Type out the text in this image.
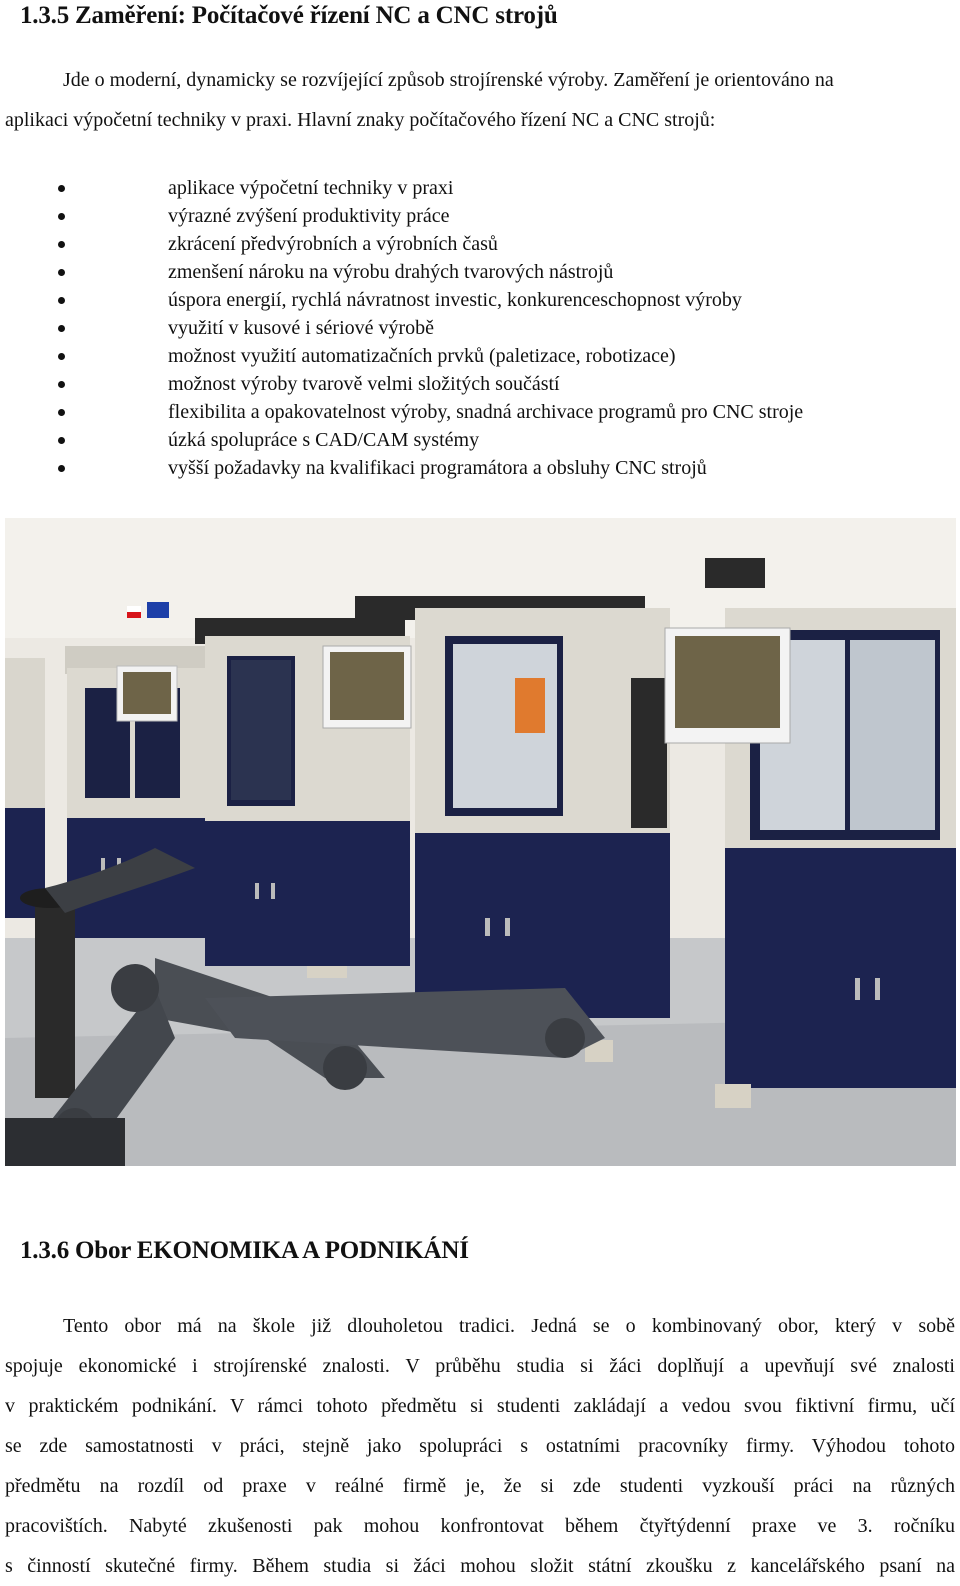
1.3.5 Zaměření: Počítačové řízení NC a CNC strojů

Jde o moderní, dynamicky se rozvíjející způsob strojírenské výroby. Zaměření je orientováno na

aplikaci výpočetní techniky v praxi. Hlavní znaky počítačového řízení NC a CNC strojů:

aplikace výpočetní techniky v praxi
výrazné zvýšení produktivity práce
zkrácení předvýrobních a výrobních časů
zmenšení nároku na výrobu drahých tvarových nástrojů
úspora energií, rychlá návratnost investic, konkurenceschopnost výroby
využití v kusové i sériové výrobě
možnost využití automatizačních prvků (paletizace, robotizace)
možnost výroby tvarově velmi složitých součástí
flexibilita a opakovatelnost výroby, snadná archivace programů pro CNC stroje
úzká spolupráce s CAD/CAM systémy
vyšší požadavky na kvalifikaci programátora a obsluhy CNC strojů
1.3.6 Obor EKONOMIKA A PODNIKÁNÍ
Tento obor má na škole již dlouholetou tradici. Jedná se o kombinovaný obor, který v sobě
spojuje ekonomické i strojírenské znalosti. V průběhu studia si žáci doplňují a upevňují své znalosti
v praktickém podnikání. V rámci tohoto předmětu si studenti zakládají a vedou svou fiktivní firmu, učí
se zde samostatnosti v práci, stejně jako spolupráci s ostatními pracovníky firmy. Výhodou tohoto
předmětu na rozdíl od praxe v reálné firmě je, že si zde studenti vyzkouší práci na různých
pracovištích. Nabyté zkušenosti pak mohou konfrontovat během čtyřtýdenní praxe ve 3. ročníku
s činností skutečné firmy. Během studia si žáci mohou složit státní zkoušku z kancelářského psaní na
